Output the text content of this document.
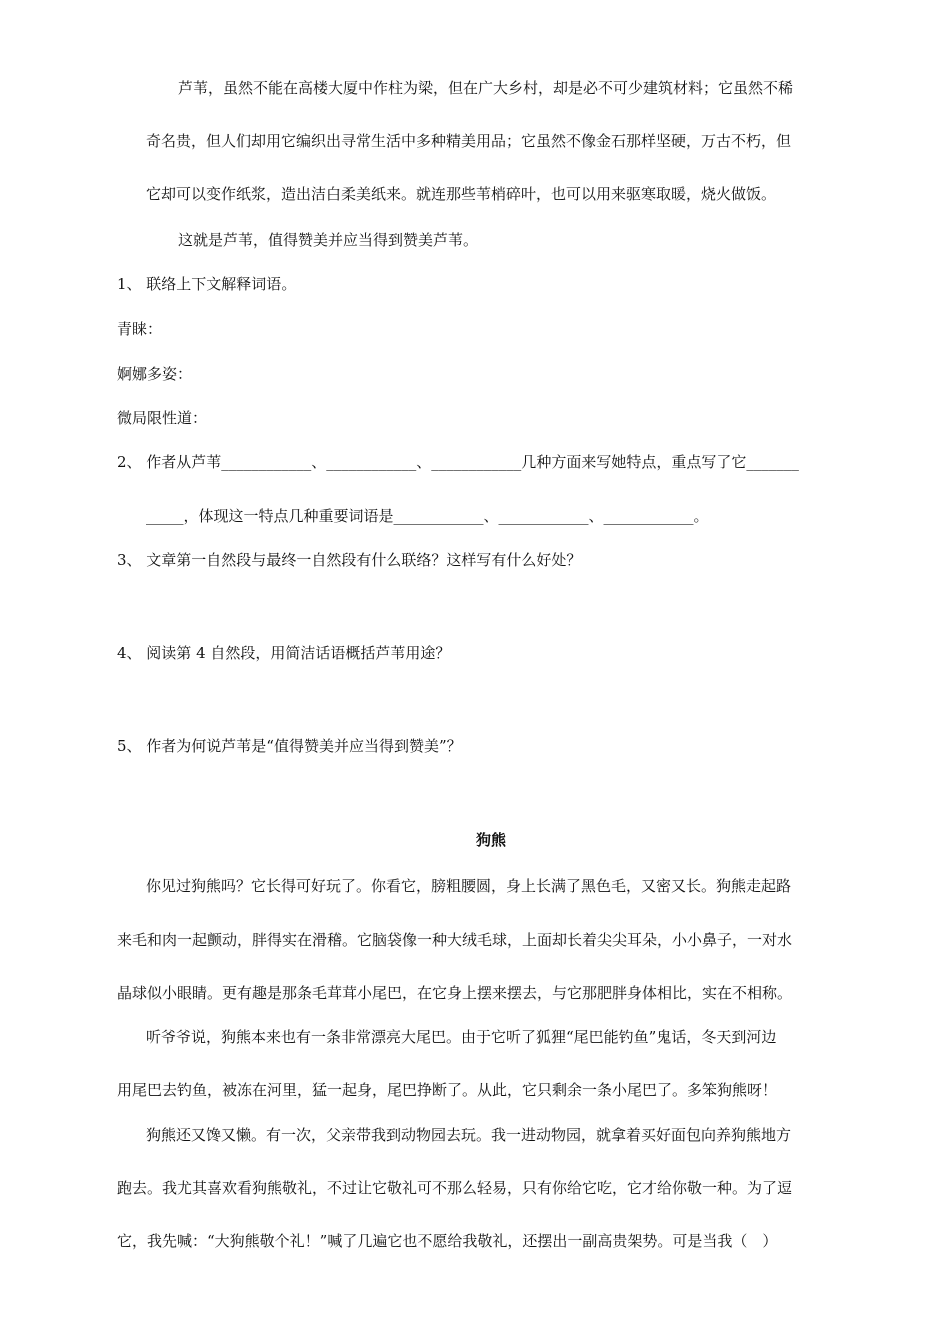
芦苇，虽然不能在高楼大厦中作柱为梁，但在广大乡村，却是必不可少建筑材料；它虽然不稀
奇名贵，但人们却用它编织出寻常生活中多种精美用品；它虽然不像金石那样坚硬，万古不朽，但
它却可以变作纸浆，造出洁白柔美纸来。就连那些苇梢碎叶，也可以用来驱寒取暖，烧火做饭。
这就是芦苇，值得赞美并应当得到赞美芦苇。
1、 联络上下文解释词语。
青睐：
婀娜多姿：
微局限性道：
2、 作者从芦苇____________、____________、____________几种方面来写她特点，重点写了它_______
_____，体现这一特点几种重要词语是____________、____________、____________。
3、 文章第一自然段与最终一自然段有什么联络？这样写有什么好处？
4、 阅读第 4 自然段，用简洁话语概括芦苇用途？
5、 作者为何说芦苇是“值得赞美并应当得到赞美”？
狗熊
你见过狗熊吗？它长得可好玩了。你看它，膀粗腰圆，身上长满了黑色毛，又密又长。狗熊走起路
来毛和肉一起颤动，胖得实在滑稽。它脑袋像一种大绒毛球，上面却长着尖尖耳朵，小小鼻子，一对水
晶球似小眼睛。更有趣是那条毛茸茸小尾巴，在它身上摆来摆去，与它那肥胖身体相比，实在不相称。
听爷爷说，狗熊本来也有一条非常漂亮大尾巴。由于它听了狐狸“尾巴能钓鱼”鬼话，冬天到河边
用尾巴去钓鱼，被冻在河里，猛一起身，尾巴挣断了。从此，它只剩余一条小尾巴了。多笨狗熊呀！
狗熊还又馋又懒。有一次，父亲带我到动物园去玩。我一进动物园，就拿着买好面包向养狗熊地方
跑去。我尤其喜欢看狗熊敬礼，不过让它敬礼可不那么轻易，只有你给它吃，它才给你敬一种。为了逗
它，我先喊：“大狗熊敬个礼！”喊了几遍它也不愿给我敬礼，还摆出一副高贵架势。可是当我（　）
